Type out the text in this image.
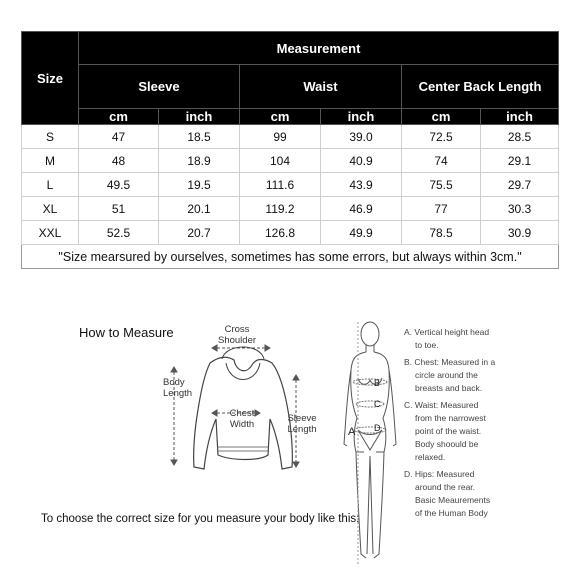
Size	Measurement					
	Sleeve		Waist		Center Back Length	
	cm	inch	cm	inch	cm	inch
S	47	18.5	99	39.0	72.5	28.5
M	48	18.9	104	40.9	74	29.1
L	49.5	19.5	111.6	43.9	75.5	29.7
XL	51	20.1	119.2	46.9	77	30.3
XXL	52.5	20.7	126.8	49.9	78.5	30.9
"Size mearsured by ourselves, sometimes has some errors, but always within 3cm."						
How to Measure	Cross
Shoulder
Body
Length
Chest
Width
Sleeve
Length
To choose the correct size for you measure your body like this:
A
B
C
D
A. Vertical height head
to toe.
B. Chest: Measured in a
circle around the
breasts and back.
C. Waist: Measured
from the narrowest
point of the waist.
Body shoould be
relaxed.
D. Hips: Measured
around the rear.
Basic Meaurements
of the Human Body
